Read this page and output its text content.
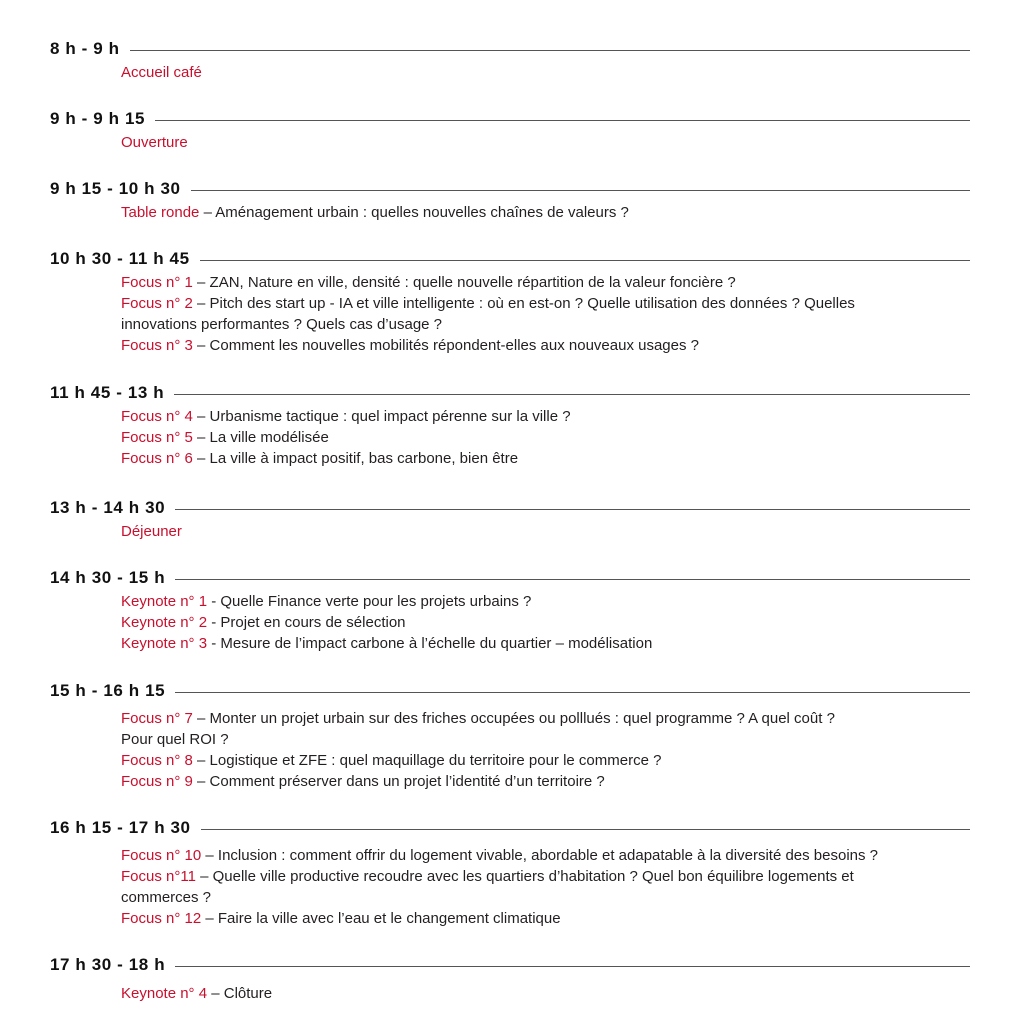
8 h - 9 h
Accueil café
9 h - 9 h 15
Ouverture
9 h 15 - 10 h 30
Table ronde – Aménagement urbain : quelles nouvelles chaînes de valeurs ?
10 h 30 - 11 h 45
Focus n° 1 – ZAN, Nature en ville, densité : quelle nouvelle répartition de la valeur foncière ?
Focus n° 2 – Pitch des start up - IA et ville intelligente : où en est-on ? Quelle utilisation des données ? Quelles
innovations performantes ? Quels cas d’usage ?
Focus n° 3 – Comment les nouvelles mobilités répondent-elles aux nouveaux usages ?
11 h 45 - 13 h
Focus n° 4 – Urbanisme tactique : quel impact pérenne sur la ville ?
Focus n° 5 – La ville modélisée
Focus n° 6 – La ville à impact positif, bas carbone, bien être
13 h - 14 h 30
Déjeuner
14 h 30 - 15 h
Keynote n° 1 - Quelle Finance verte pour les projets urbains ?
Keynote n° 2 - Projet en cours de sélection
Keynote n° 3 - Mesure de l’impact carbone à l’échelle du quartier – modélisation
15 h - 16 h 15
Focus n° 7 – Monter un projet urbain sur des friches occupées ou polllués : quel programme ? A quel coût ?
Pour quel ROI ?
Focus n° 8 – Logistique et ZFE : quel maquillage du territoire pour le commerce ?
Focus n° 9 – Comment préserver dans un projet l’identité d’un territoire ?
16 h 15 - 17 h 30
Focus n° 10 – Inclusion : comment offrir du logement vivable, abordable et adapatable à la diversité des besoins ?
Focus n°11 – Quelle ville productive recoudre avec les quartiers d’habitation ? Quel bon équilibre logements et
commerces ?
Focus n° 12 – Faire la ville avec l’eau et le changement climatique
17 h 30 - 18 h
Keynote n° 4 – Clôture
